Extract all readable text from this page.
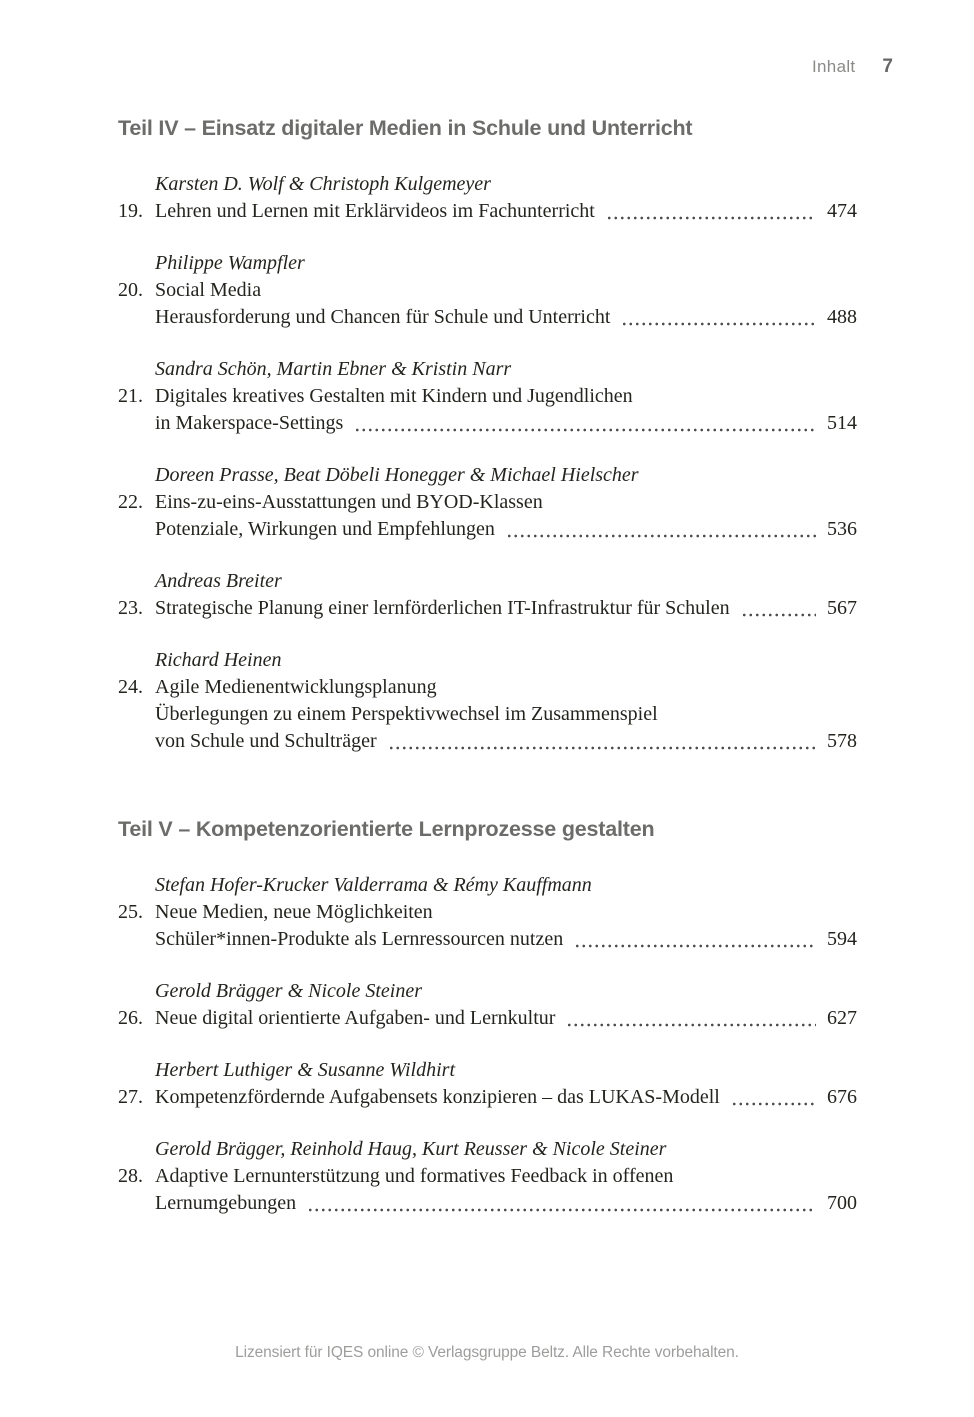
Inhalt 7
Teil IV – Einsatz digitaler Medien in Schule und Unterricht
19.
Karsten D. Wolf & Christoph Kulgemeyer
Lehren und Lernen mit Erklärvideos im Fachunterricht	474
20.
Philippe Wampfler
Social Media
Herausforderung und Chancen für Schule und Unterricht	488
21.
Sandra Schön, Martin Ebner & Kristin Narr
Digitales kreatives Gestalten mit Kindern und Jugendlichen
in Makerspace-Settings	514
22.
Doreen Prasse, Beat Döbeli Honegger & Michael Hielscher
Eins-zu-eins-Ausstattungen und BYOD-Klassen
Potenziale, Wirkungen und Empfehlungen	536
23.
Andreas Breiter
Strategische Planung einer lernförderlichen IT-Infrastruktur für Schulen	567
24.
Richard Heinen
Agile Medienentwicklungsplanung
Überlegungen zu einem Perspektivwechsel im Zusammenspiel
von Schule und Schulträger	578
Teil V – Kompetenzorientierte Lernprozesse gestalten
25.
Stefan Hofer-Krucker Valderrama & Rémy Kauffmann
Neue Medien, neue Möglichkeiten
Schüler*innen-Produkte als Lernressourcen nutzen	594
26.
Gerold Brägger & Nicole Steiner
Neue digital orientierte Aufgaben- und Lernkultur	627
27.
Herbert Luthiger & Susanne Wildhirt
Kompetenzfördernde Aufgabensets konzipieren – das LUKAS-Modell	676
28.
Gerold Brägger, Reinhold Haug, Kurt Reusser & Nicole Steiner
Adaptive Lernunterstützung und formatives Feedback in offenen
Lernumgebungen	700
Lizensiert für IQES online © Verlagsgruppe Beltz. Alle Rechte vorbehalten.
